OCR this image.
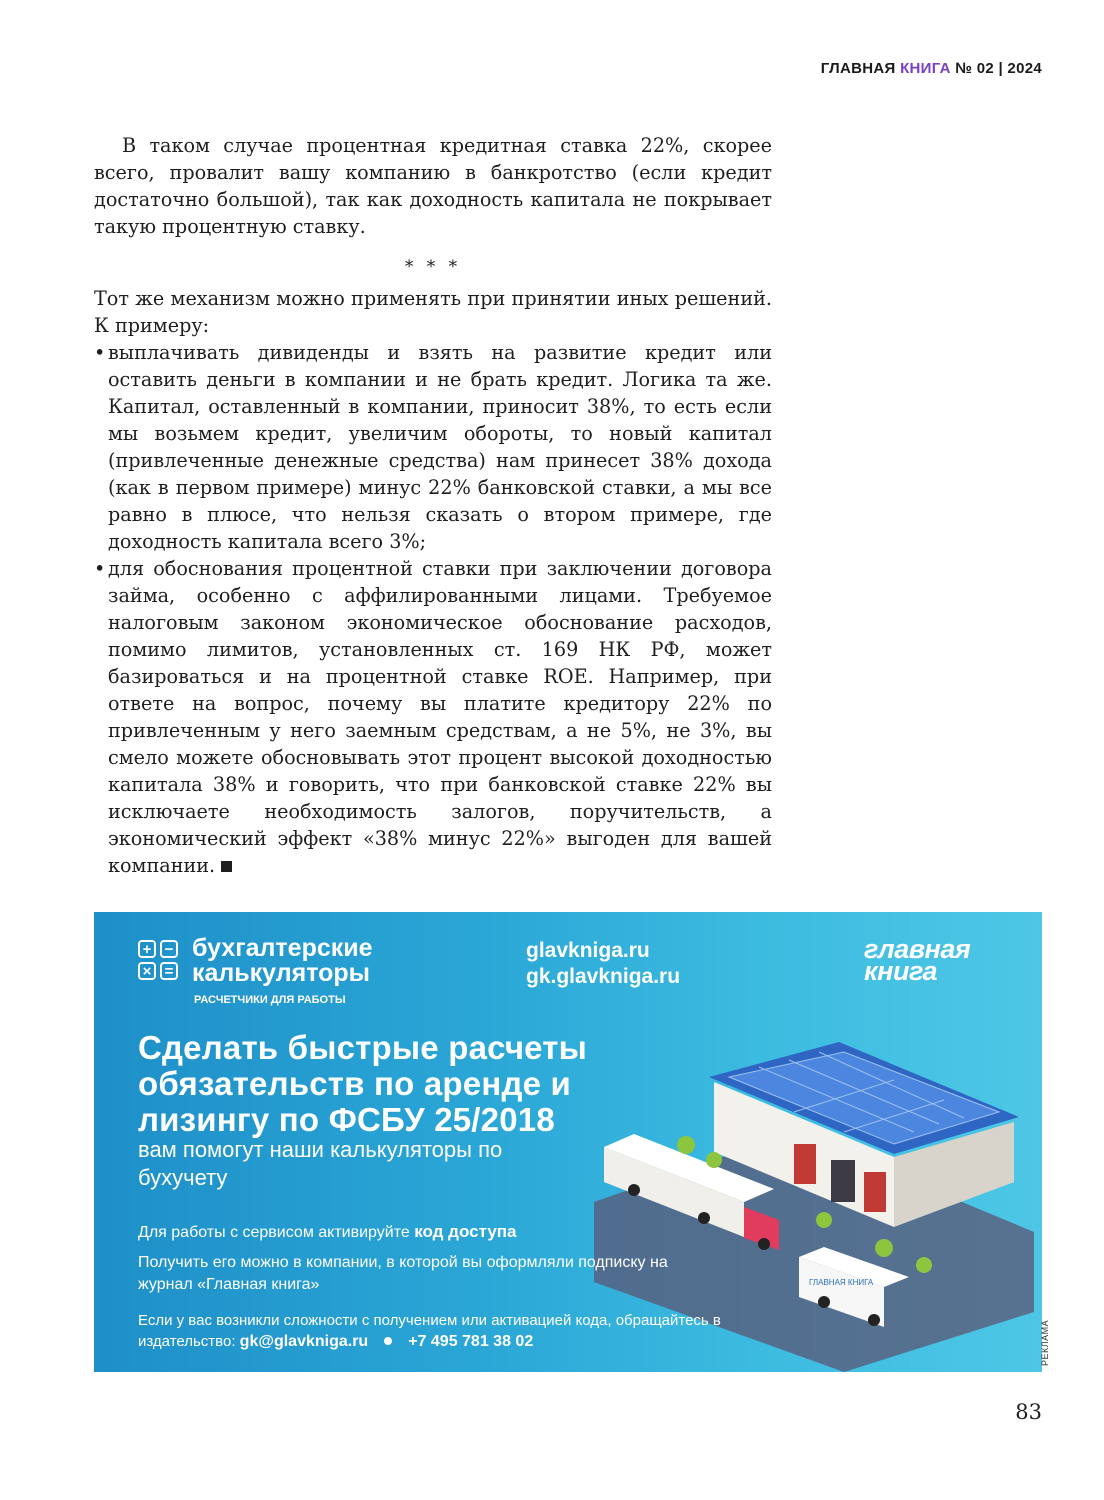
ГЛАВНАЯ КНИГА № 02 | 2024

В таком случае процентная кредитная ставка 22%, скорее всего, провалит вашу компанию в банкротство (если кредит достаточно большой), так как доходность капитала не покрывает такую процентную ставку.

* * *

Тот же механизм можно применять при принятии иных решений. К примеру:

• выплачивать дивиденды и взять на развитие кредит или оставить деньги в компании и не брать кредит. Логика та же. Капитал, оставленный в компании, приносит 38%, то есть если мы возьмем кредит, увеличим обороты, то новый капитал (привлеченные денежные средства) нам принесет 38% дохода (как в первом примере) минус 22% банковской ставки, а мы все равно в плюсе, что нельзя сказать о втором примере, где доходность капитала всего 3%;
• для обоснования процентной ставки при заключении договора займа, особенно с аффилированными лицами. Требуемое налоговым законом экономическое обоснование расходов, помимо лимитов, установленных ст. 169 НК РФ, может базироваться и на процентной ставке ROE. Например, при ответе на вопрос, почему вы платите кредитору 22% по привлеченным у него заемным средствам, а не 5%, не 3%, вы смело можете обосновывать этот процент высокой доходностью капитала 38% и говорить, что при банковской ставке 22% вы исключаете необходимость залогов, поручительств, а экономический эффект «38% минус 22%» выгоден для вашей компании.
+ −
× =
бухгалтерские калькуляторы
РАСЧЕТЧИКИ ДЛЯ РАБОТЫ
glavkniga.ru
gk.glavkniga.ru
главная
книга
ГЛАВНАЯ КНИГА
Сделать быстрые расчеты обязательств по аренде и лизингу по ФСБУ 25/2018
вам помогут наши калькуляторы по бухучету
Для работы с сервисом активируйте код доступа
Получить его можно в компании, в которой вы оформляли подписку на журнал «Главная книга»
Если у вас возникли сложности с получением или активацией кода, обращайтесь в издательство: gk@glavkniga.ru	+7 495 781 38 02	РЕКЛАМА
83
